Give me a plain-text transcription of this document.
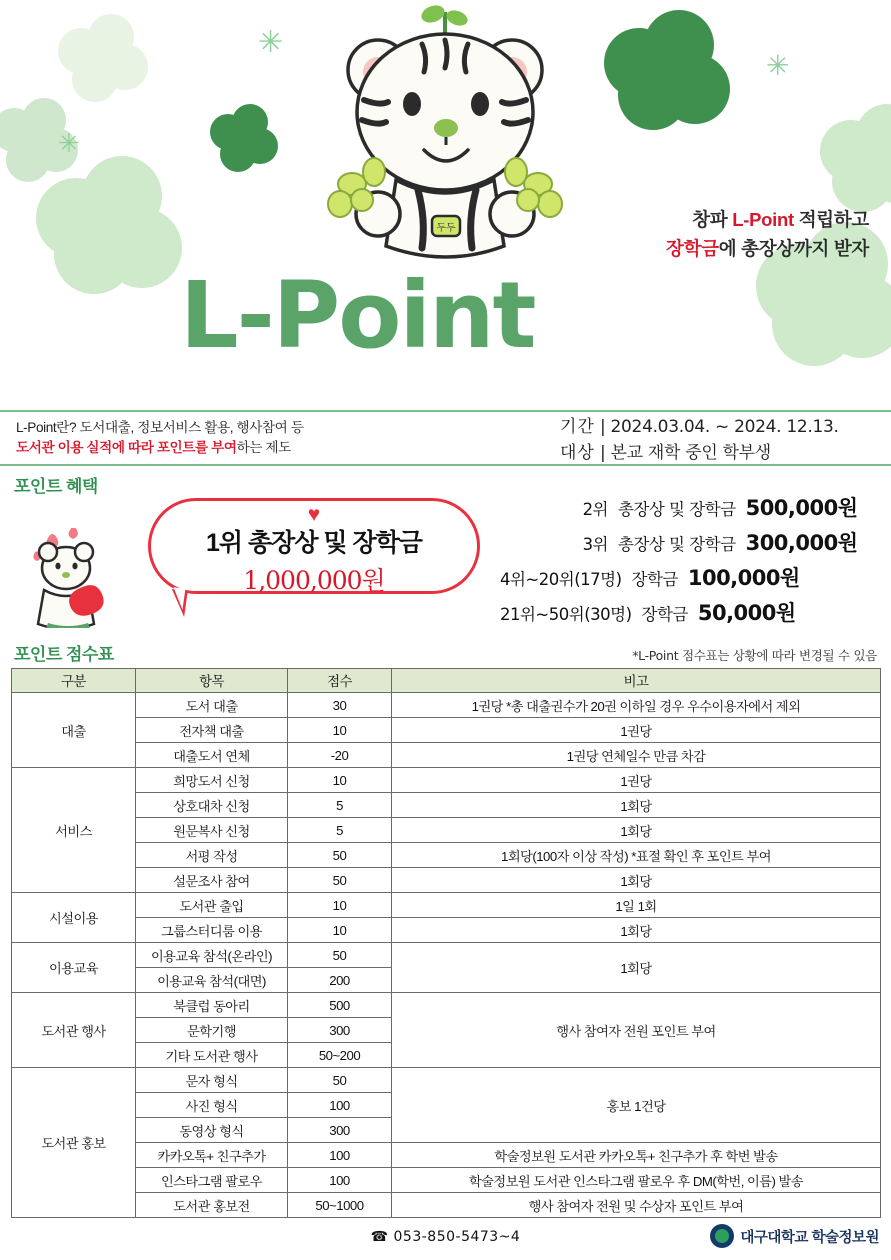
✳
✳
✳
두두	창파 L-Point 적립하고
장학금에 총장상까지 받자
L-Point
L-Point란? 도서대출, 정보서비스 활용, 행사참여 등
도서관 이용 실적에 따라 포인트를 부여하는 제도
기간 | 2024.03.04. ~ 2024. 12.13.
대상 | 본교 재학 중인 학부생
포인트 혜택
♥
1위 총장상 및 장학금
1,000,000원
2위 총장상 및 장학금 500,000원
3위 총장상 및 장학금 300,000원
4위~20위(17명) 장학금 100,000원
21위~50위(30명) 장학금 50,000원
포인트 점수표	*L-Point 점수표는 상황에 따라 변경될 수 있음
구분	항목	점수	비고
대출	도서 대출	30	1권당 *총 대출권수가 20권 이하일 경우 우수이용자에서 제외
	전자책 대출	10	1권당
	대출도서 연체	-20	1권당 연체일수 만큼 차감
서비스	희망도서 신청	10	1권당
	상호대차 신청	5	1회당
	원문복사 신청	5	1회당
	서평 작성	50	1회당(100자 이상 작성) *표절 확인 후 포인트 부여
	설문조사 참여	50	1회당
시설이용	도서관 출입	10	1일 1회
	그룹스터디룸 이용	10	1회당
이용교육	이용교육 참석(온라인)	50	1회당
	이용교육 참석(대면)	200	
도서관 행사	북클럽 동아리	500	행사 참여자 전원 포인트 부여
	문학기행	300	
	기타 도서관 행사	50~200	
도서관 홍보	문자 형식	50	홍보 1건당
	사진 형식	100	
	동영상 형식	300	
	카카오톡+ 친구추가	100	학술정보원 도서관 카카오톡+ 친구추가 후 학번 발송
	인스타그램 팔로우	100	학술정보원 도서관 인스타그램 팔로우 후 DM(학번, 이름) 발송
	도서관 홍보전	50~1000	행사 참여자 전원 및 수상자 포인트 부여
☎ 053-850-5473~4	대구대학교 학술정보원
